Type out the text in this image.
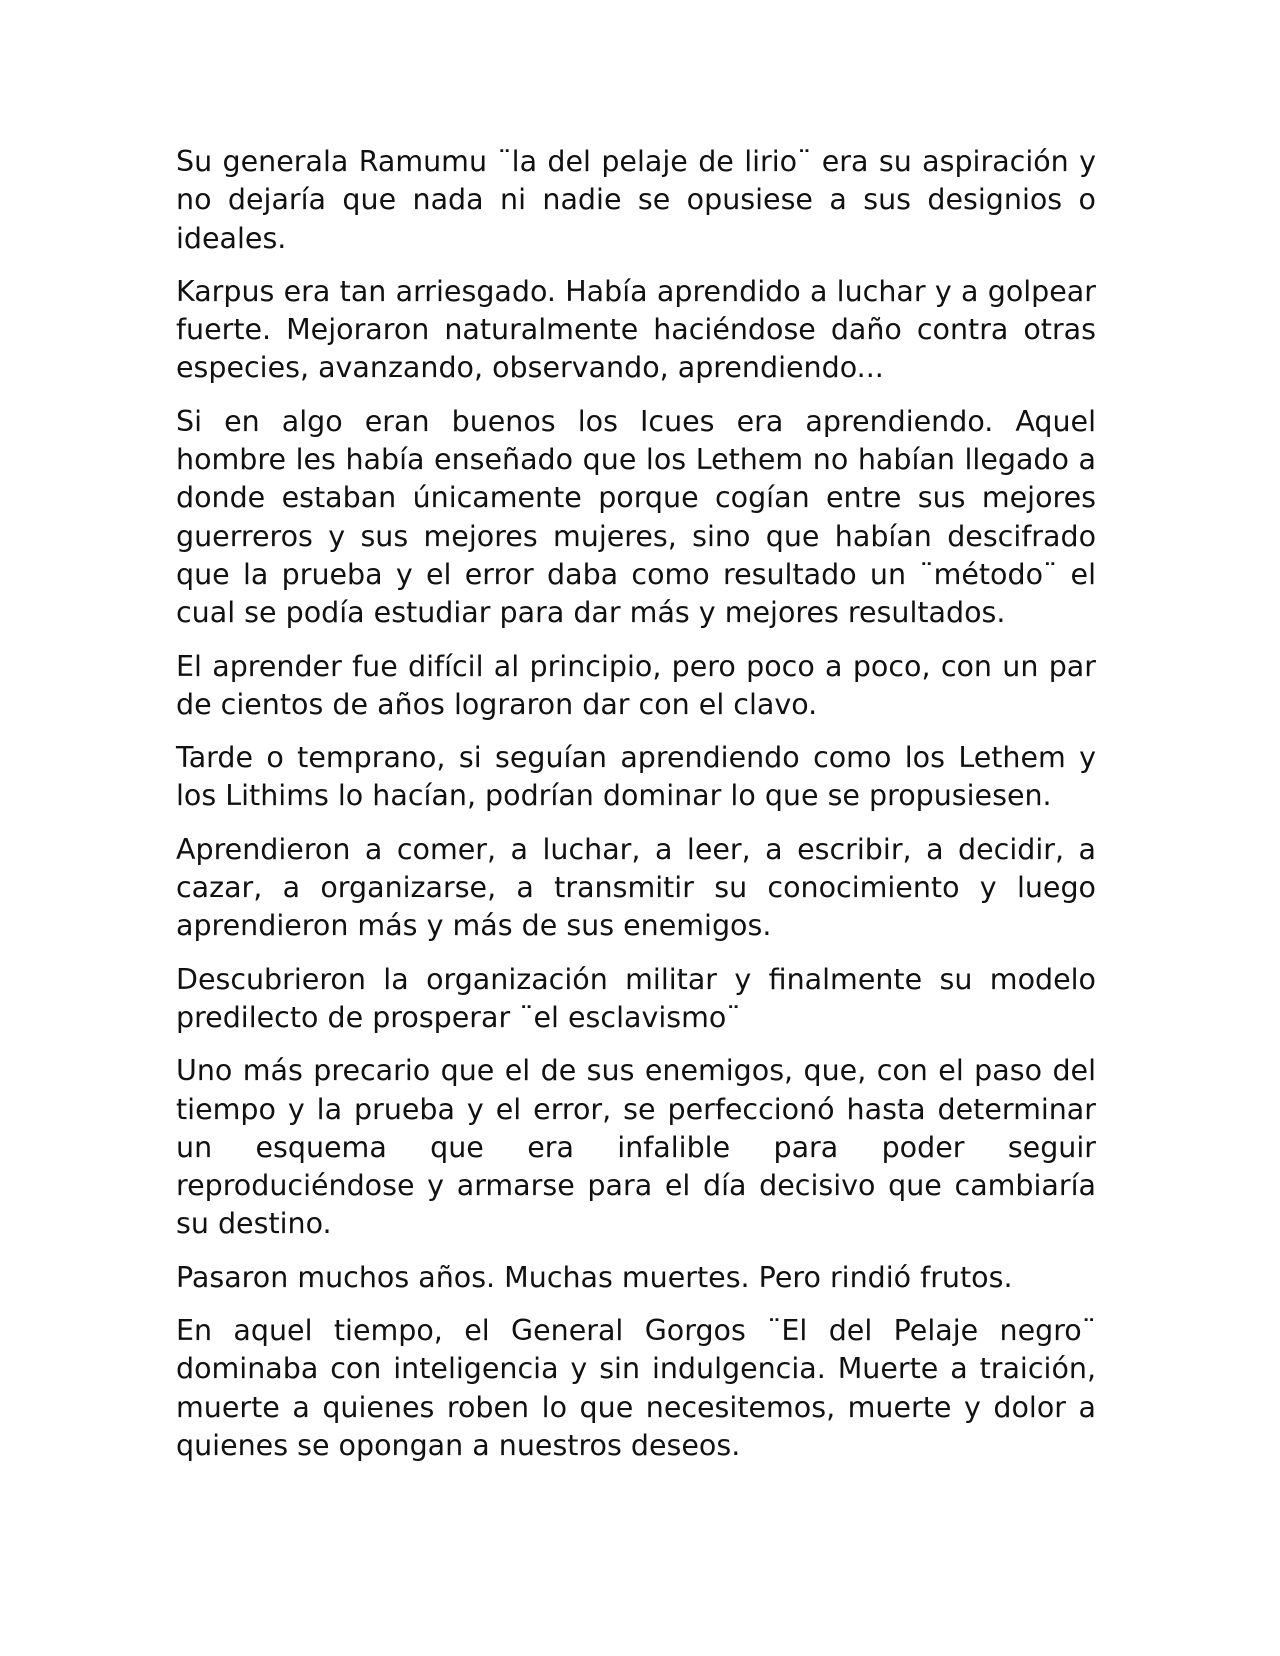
Su generala Ramumu ¨la del pelaje de lirio¨ era su aspiración y no dejaría que nada ni nadie se opusiese a sus designios o ideales.

Karpus era tan arriesgado. Había aprendido a luchar y a golpear fuerte. Mejoraron naturalmente haciéndose daño contra otras especies, avanzando, observando, aprendiendo...

Si en algo eran buenos los Icues era aprendiendo. Aquel hombre les había enseñado que los Lethem no habían llegado a donde estaban únicamente porque cogían entre sus mejores guerreros y sus mejores mujeres, sino que habían descifrado que la prueba y el error daba como resultado un ¨método¨ el cual se podía estudiar para dar más y mejores resultados.

El aprender fue difícil al principio, pero poco a poco, con un par de cientos de años lograron dar con el clavo.

Tarde o temprano, si seguían aprendiendo como los Lethem y los Lithims lo hacían, podrían dominar lo que se propusiesen.

Aprendieron a comer, a luchar, a leer, a escribir, a decidir, a cazar, a organizarse, a transmitir su conocimiento y luego aprendieron más y más de sus enemigos.

Descubrieron la organización militar y finalmente su modelo predilecto de prosperar ¨el esclavismo¨

Uno más precario que el de sus enemigos, que, con el paso del tiempo y la prueba y el error, se perfeccionó hasta determinar un esquema que era infalible para poder seguir reproduciéndose y armarse para el día decisivo que cambiaría su destino.

Pasaron muchos años. Muchas muertes. Pero rindió frutos.

En aquel tiempo, el General Gorgos ¨El del Pelaje negro¨ dominaba con inteligencia y sin indulgencia. Muerte a traición, muerte a quienes roben lo que necesitemos, muerte y dolor a quienes se opongan a nuestros deseos.
